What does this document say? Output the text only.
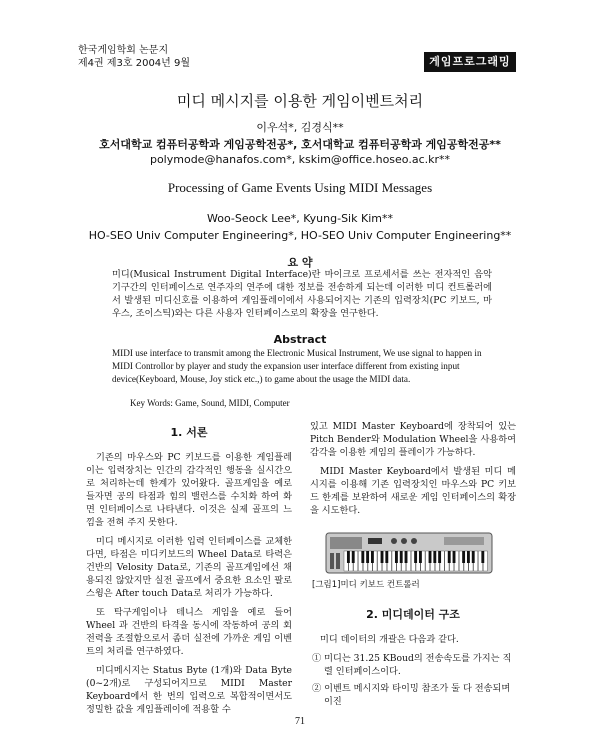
한국게임학회 논문지
제4권 제3호 2004년 9월	게임프로그래밍
미디 메시지를 이용한 게임이벤트처리
이우석*, 김경식**
호서대학교 컴퓨터공학과 게임공학전공*, 호서대학교 컴퓨터공학과 게임공학전공**
polymode@hanafos.com*, kskim@office.hoseo.ac.kr**
Processing of Game Events Using MIDI Messages
Woo-Seock Lee*, Kyung-Sik Kim**
HO-SEO Univ Computer Engineering*, HO-SEO Univ Computer Engineering**
요 약
미디(Musical Instrument Digital Interface)란 마이크로 프로세서를 쓰는 전자적인 음악 기구간의 인터페이스로 연주자의 연주에 대한 정보를 전송하게 되는데 이러한 미디 컨트롤러에서 발생된 미디신호를 이용하여 게임플레이에서 사용되어지는 기존의 입력장치(PC 키보드, 마우스, 조이스틱)와는 다른 사용자 인터페이스로의 확장을 연구한다.
Abstract
MIDI use interface to transmit among the Electronic Musical Instrument, We use signal to happen in MIDI Controllor by player and study the expansion user interface different from existing input device(Keyboard, Mouse, Joy stick etc.,) to game about the usage the MIDI data.
Key Words: Game, Sound, MIDI, Computer
1. 서론

기존의 마우스와 PC 키보드를 이용한 게임플레이는 입력장치는 인간의 감각적인 행동을 실시간으로 처리하는데 한계가 있어왔다. 골프게임을 예로 들자면 공의 타점과 힘의 밸런스를 수치화 하여 화면 인터페이스로 나타낸다. 이것은 실제 골프의 느낌을 전혀 주지 못한다.

미디 메시지로 이러한 입력 인터페이스를 교체한다면, 타점은 미디키보드의 Wheel Data로 타력은 건반의 Velosity Data로, 기존의 골프게임에선 채용되진 않았지만 실전 골프에서 중요한 요소인 팔로 스윙은 After touch Data로 처리가 가능하다.

또 탁구게임이나 테니스 게임을 예로 들어 Wheel 과 건반의 타격을 동시에 작동하여 공의 회전력을 조절함으로서 좀더 실전에 가까운 게임 이벤트의 처리를 연구하였다.

미디메시지는 Status Byte (1개)와 Data Byte (0~2개)로 구성되어지므로 MIDI Master Keyboard에서 한 번의 입력으로 복합적이면서도 정밀한 값을 게임플레이에 적용할 수

있고 MIDI Master Keyboard에 장착되어 있는 Pitch Bender와 Modulation Wheel을 사용하여 감각을 이용한 게임의 플레이가 가능하다.

MIDI Master Keyboard에서 발생된 미디 메시지를 이용해 기존 입력장치인 마우스와 PC 키보드 한계를 보완하여 새로운 게임 인터페이스의 확장을 시도한다.

[그림1]미디 키보드 컨트롤러
2. 미디데이터 구조

미디 데이터의 개괄은 다음과 같다.

① 미디는 31.25 KBoud의 전송속도를 가지는 직렬 인터페이스이다.
② 이벤트 메시지와 타이밍 참조가 둘 다 전송되며 이진
71
